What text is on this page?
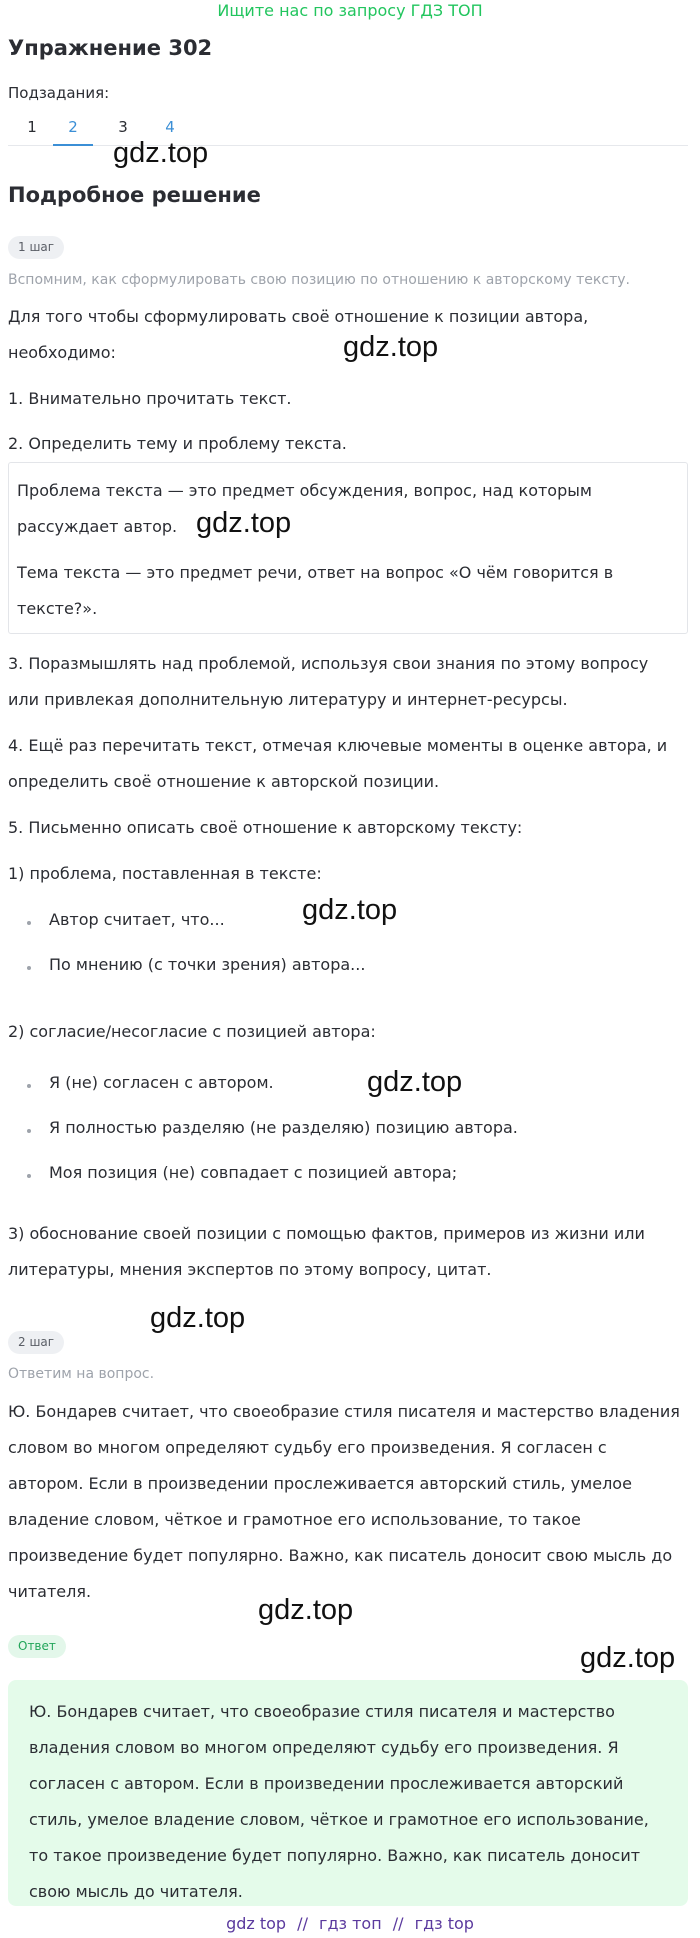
Ищите нас по запросу ГДЗ ТОП
Упражнение 302
Подзадания:
1	2	3	4
gdz.top
Подробное решение
1 шаг
Вспомним, как сформулировать свою позицию по отношению к авторскому тексту.
Для того чтобы сформулировать своё отношение к позиции автора,
необходимо:	gdz.top
1. Внимательно прочитать текст.
2. Определить тему и проблему текста.
Проблема текста — это предмет обсуждения, вопрос, над которым
рассуждает автор. gdz.top
Тема текста — это предмет речи, ответ на вопрос «О чём говорится в
тексте?».
3. Поразмышлять над проблемой, используя свои знания по этому вопросу
или привлекая дополнительную литературу и интернет-ресурсы.
4. Ещё раз перечитать текст, отмечая ключевые моменты в оценке автора, и
определить своё отношение к авторской позиции.
5. Письменно описать своё отношение к авторскому тексту:
1) проблема, поставленная в тексте:
Автор считает, что...	gdz.top
По мнению (с точки зрения) автора...
2) согласие/несогласие с позицией автора:
Я (не) согласен с автором.	gdz.top
Я полностью разделяю (не разделяю) позицию автора.
Моя позиция (не) совпадает с позицией автора;
3) обоснование своей позиции с помощью фактов, примеров из жизни или
литературы, мнения экспертов по этому вопросу, цитат.
gdz.top
2 шаг
Ответим на вопрос.
Ю. Бондарев считает, что своеобразие стиля писателя и мастерство владения
словом во многом определяют судьбу его произведения. Я согласен с
автором. Если в произведении прослеживается авторский стиль, умелое
владение словом, чёткое и грамотное его использование, то такое
произведение будет популярно. Важно, как писатель доносит свою мысль до
читателя.
gdz.top
Ответ	gdz.top
Ю. Бондарев считает, что своеобразие стиля писателя и мастерство
владения словом во многом определяют судьбу его произведения. Я
согласен с автором. Если в произведении прослеживается авторский
стиль, умелое владение словом, чёткое и грамотное его использование,
то такое произведение будет популярно. Важно, как писатель доносит
свою мысль до читателя.
gdz top // гдз топ // гдз top
